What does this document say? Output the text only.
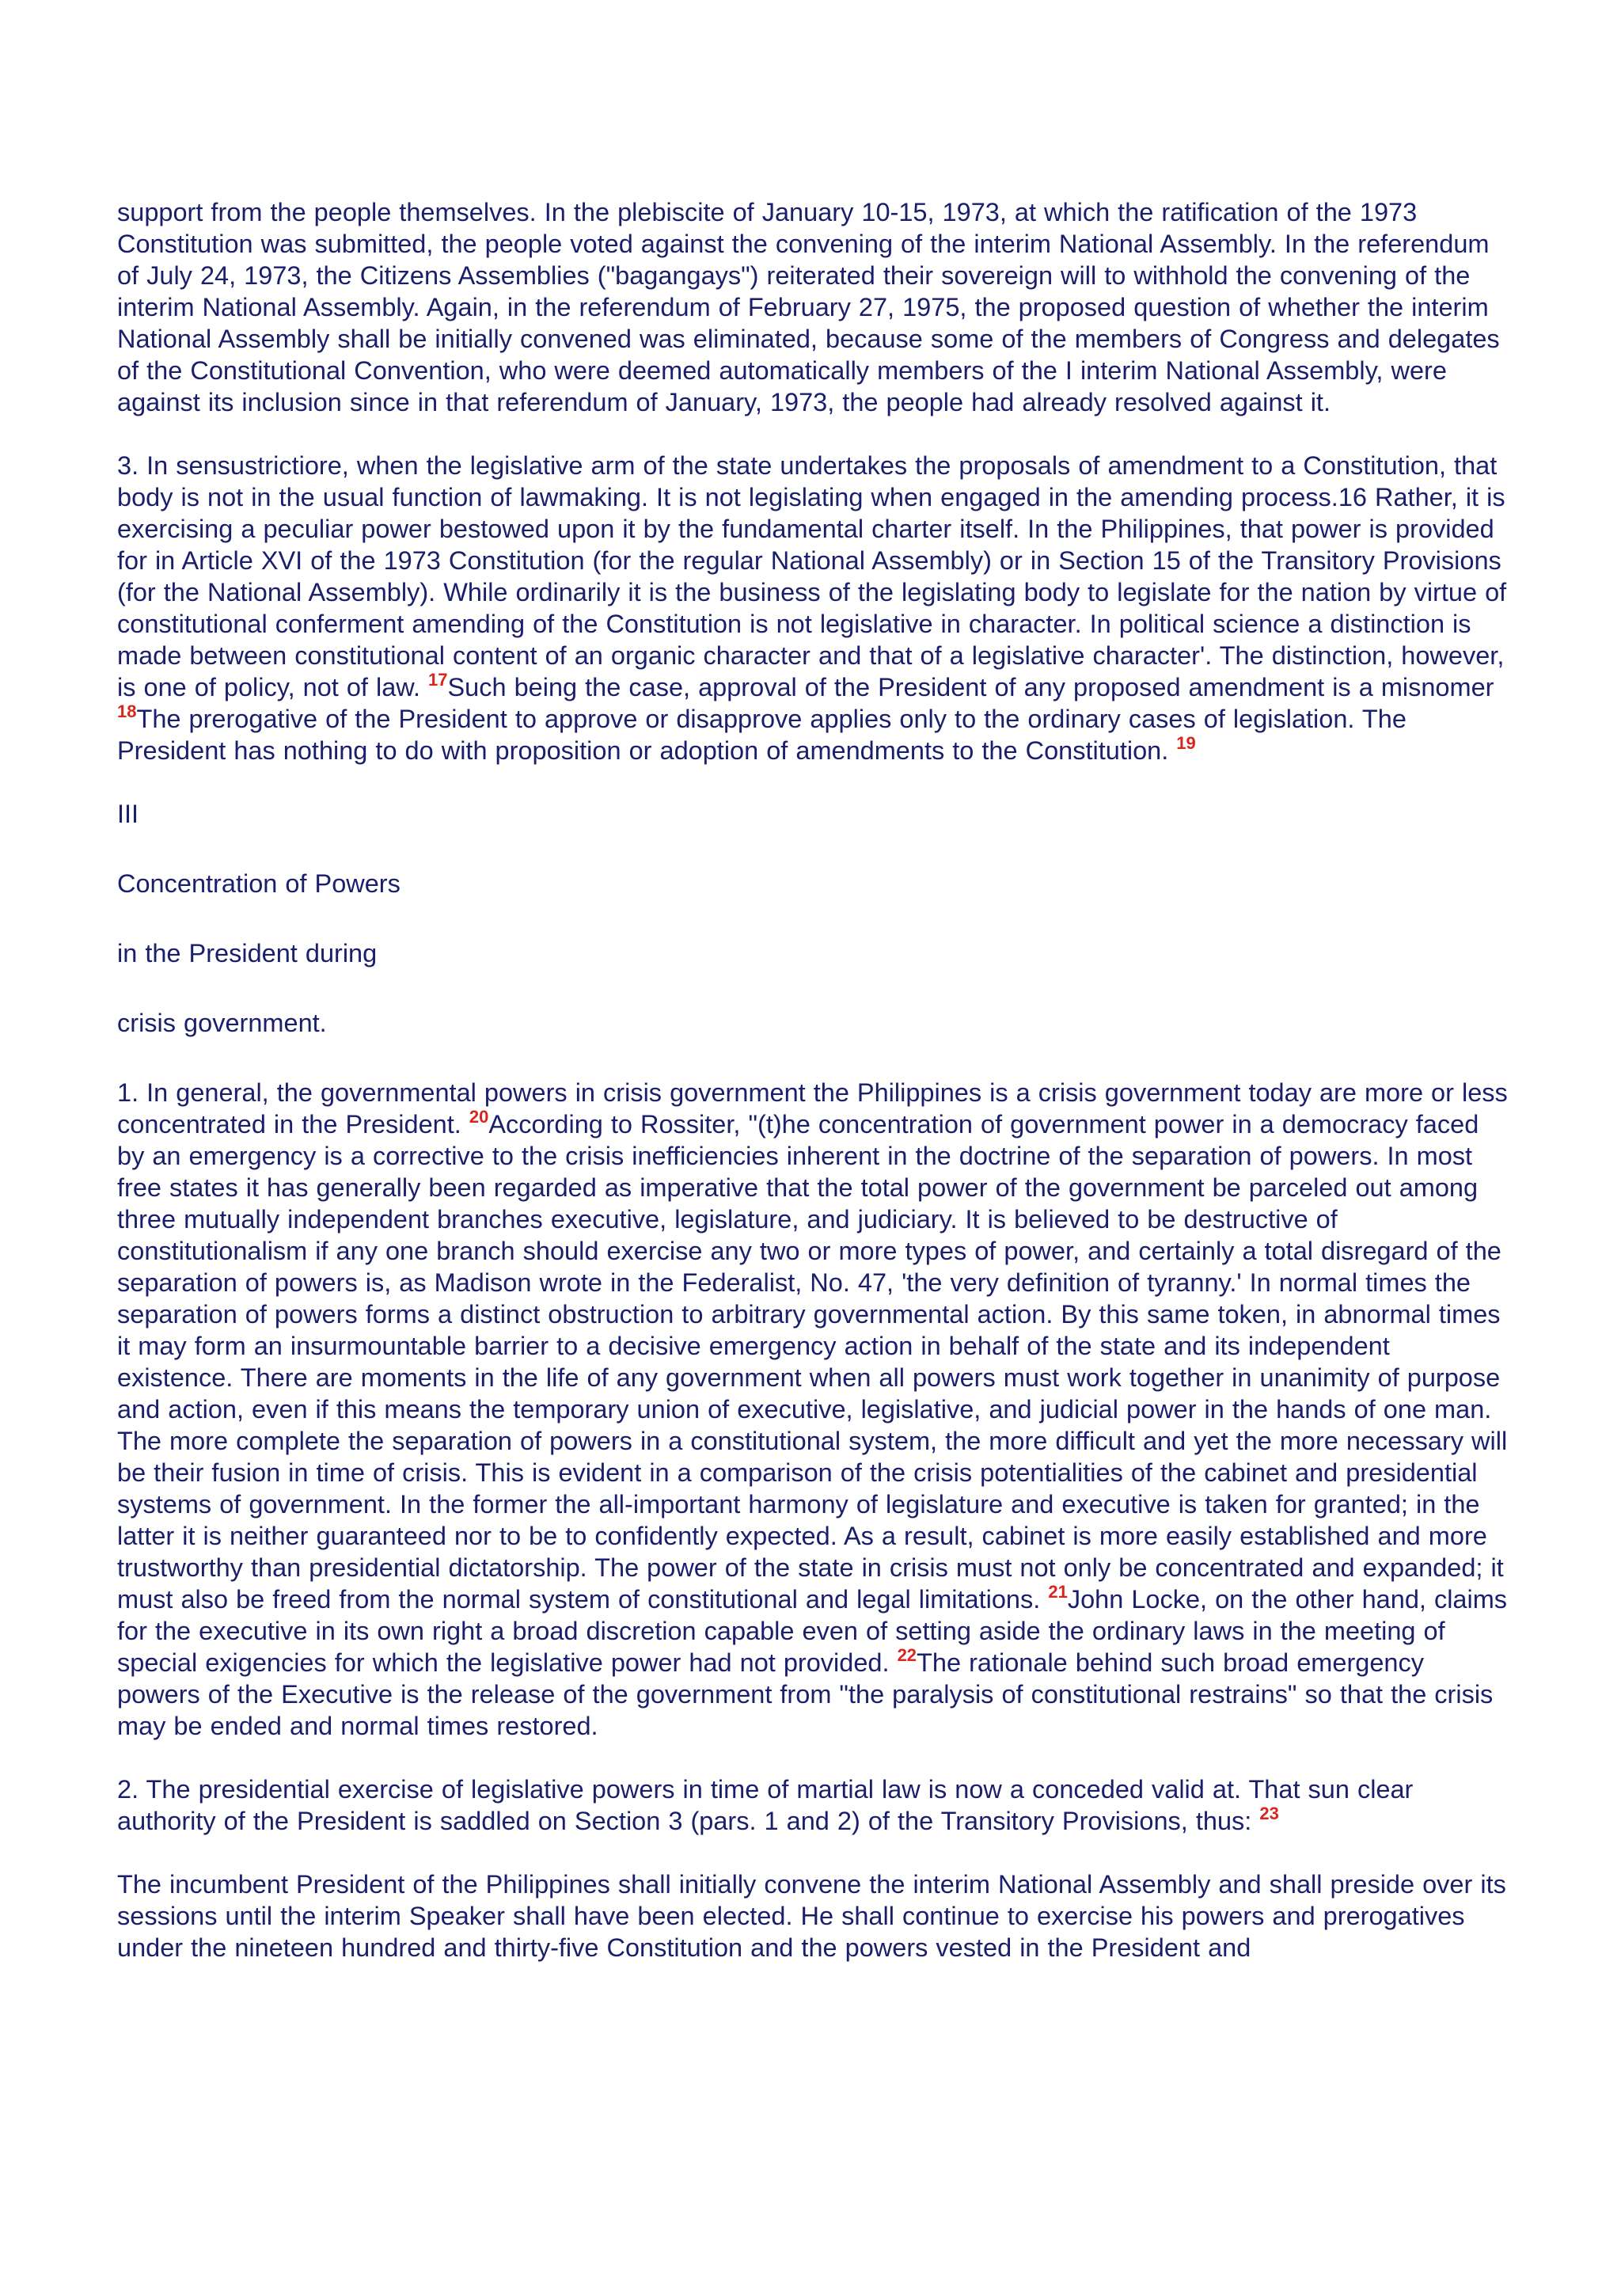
support from the people themselves. In the plebiscite of January 10-15, 1973, at which the ratification of the 1973 Constitution was submitted, the people voted against the convening of the interim National Assembly. In the referendum of July 24, 1973, the Citizens Assemblies ("bagangays") reiterated their sovereign will to withhold the convening of the interim National Assembly. Again, in the referendum of February 27, 1975, the proposed question of whether the interim National Assembly shall be initially convened was eliminated, because some of the members of Congress and delegates of the Constitutional Convention, who were deemed automatically members of the I interim National Assembly, were against its inclusion since in that referendum of January, 1973, the people had already resolved against it.

3. In sensustrictiore, when the legislative arm of the state undertakes the proposals of amendment to a Constitution, that body is not in the usual function of lawmaking. It is not legislating when engaged in the amending process.16 Rather, it is exercising a peculiar power bestowed upon it by the fundamental charter itself. In the Philippines, that power is provided for in Article XVI of the 1973 Constitution (for the regular National Assembly) or in Section 15 of the Transitory Provisions (for the National Assembly). While ordinarily it is the business of the legislating body to legislate for the nation by virtue of constitutional conferment amending of the Constitution is not legislative in character. In political science a distinction is made between constitutional content of an organic character and that of a legislative character'. The distinction, however, is one of policy, not of law. $^{17}$Such being the case, approval of the President of any proposed amendment is a misnomer $^{18}$The prerogative of the President to approve or disapprove applies only to the ordinary cases of legislation. The President has nothing to do with proposition or adoption of amendments to the Constitution. $^{19}$

III

Concentration of Powers

in the President during

crisis government.

1. In general, the governmental powers in crisis government the Philippines is a crisis government today are more or less concentrated in the President. $^{20}$According to Rossiter, "(t)he concentration of government power in a democracy faced by an emergency is a corrective to the crisis inefficiencies inherent in the doctrine of the separation of powers. In most free states it has generally been regarded as imperative that the total power of the government be parceled out among three mutually independent branches executive, legislature, and judiciary. It is believed to be destructive of constitutionalism if any one branch should exercise any two or more types of power, and certainly a total disregard of the separation of powers is, as Madison wrote in the Federalist, No. 47, 'the very definition of tyranny.' In normal times the separation of powers forms a distinct obstruction to arbitrary governmental action. By this same token, in abnormal times it may form an insurmountable barrier to a decisive emergency action in behalf of the state and its independent existence. There are moments in the life of any government when all powers must work together in unanimity of purpose and action, even if this means the temporary union of executive, legislative, and judicial power in the hands of one man. The more complete the separation of powers in a constitutional system, the more difficult and yet the more necessary will be their fusion in time of crisis. This is evident in a comparison of the crisis potentialities of the cabinet and presidential systems of government. In the former the all-important harmony of legislature and executive is taken for granted; in the latter it is neither guaranteed nor to be to confidently expected. As a result, cabinet is more easily established and more trustworthy than presidential dictatorship. The power of the state in crisis must not only be concentrated and expanded; it must also be freed from the normal system of constitutional and legal limitations. $^{21}$John Locke, on the other hand, claims for the executive in its own right a broad discretion capable even of setting aside the ordinary laws in the meeting of special exigencies for which the legislative power had not provided. $^{22}$The rationale behind such broad emergency powers of the Executive is the release of the government from "the paralysis of constitutional restrains" so that the crisis may be ended and normal times restored.

2. The presidential exercise of legislative powers in time of martial law is now a conceded valid at. That sun clear authority of the President is saddled on Section 3 (pars. 1 and 2) of the Transitory Provisions, thus: $^{23}$

The incumbent President of the Philippines shall initially convene the interim National Assembly and shall preside over its sessions until the interim Speaker shall have been elected. He shall continue to exercise his powers and prerogatives under the nineteen hundred and thirty-five Constitution and the powers vested in the President and
